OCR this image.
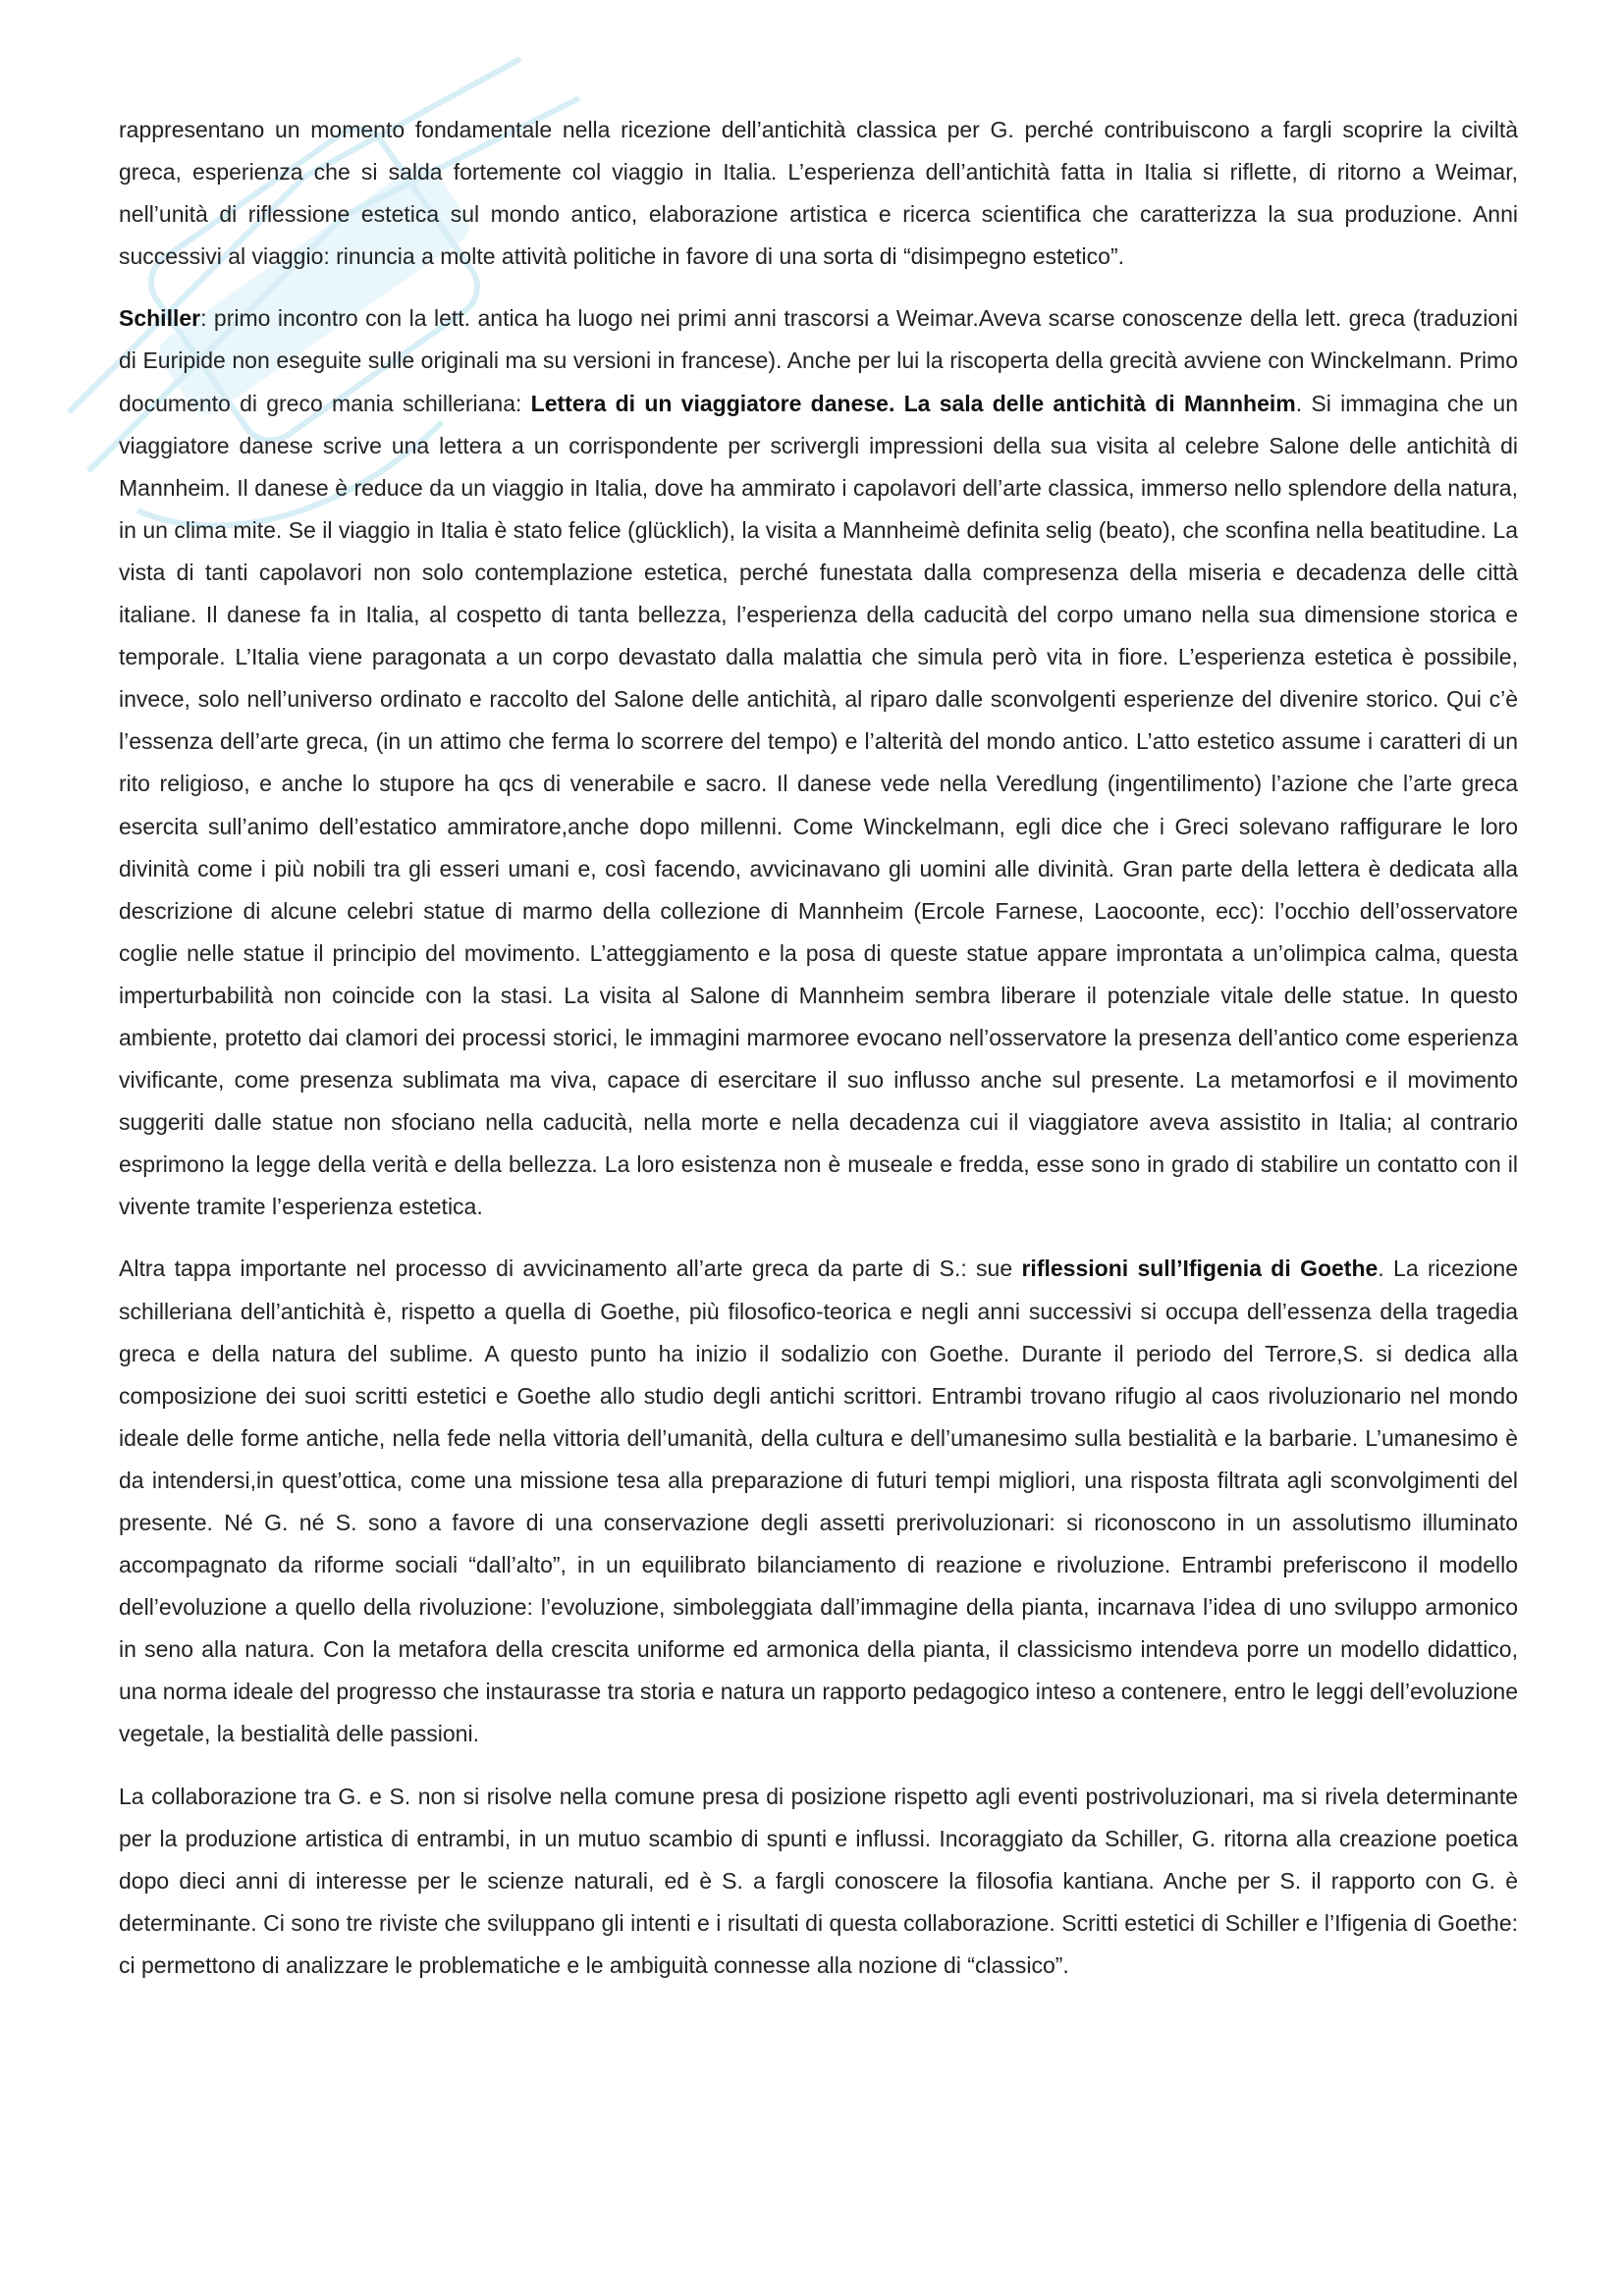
rappresentano un momento fondamentale nella ricezione dell’antichità classica per G. perché contribuiscono a fargli scoprire la civiltà greca, esperienza che si salda fortemente col viaggio in Italia. L’esperienza dell’antichità fatta in Italia si riflette, di ritorno a Weimar, nell’unità di riflessione estetica sul mondo antico, elaborazione artistica e ricerca scientifica che caratterizza la sua produzione. Anni successivi al viaggio: rinuncia a molte attività politiche in favore di una sorta di “disimpegno estetico”.

Schiller: primo incontro con la lett. antica ha luogo nei primi anni trascorsi a Weimar.Aveva scarse conoscenze della lett. greca (traduzioni di Euripide non eseguite sulle originali ma su versioni in francese). Anche per lui la riscoperta della grecità avviene con Winckelmann. Primo documento di greco mania schilleriana: Lettera di un viaggiatore danese. La sala delle antichità di Mannheim. Si immagina che un viaggiatore danese scrive una lettera a un corrispondente per scrivergli impressioni della sua visita al celebre Salone delle antichità di Mannheim. Il danese è reduce da un viaggio in Italia, dove ha ammirato i capolavori dell’arte classica, immerso nello splendore della natura, in un clima mite. Se il viaggio in Italia è stato felice (glücklich), la visita a Mannheimè definita selig (beato), che sconfina nella beatitudine. La vista di tanti capolavori non solo contemplazione estetica, perché funestata dalla compresenza della miseria e decadenza delle città italiane. Il danese fa in Italia, al cospetto di tanta bellezza, l’esperienza della caducità del corpo umano nella sua dimensione storica e temporale. L’Italia viene paragonata a un corpo devastato dalla malattia che simula però vita in fiore. L’esperienza estetica è possibile, invece, solo nell’universo ordinato e raccolto del Salone delle antichità, al riparo dalle sconvolgenti esperienze del divenire storico. Qui c’è l’essenza dell’arte greca, (in un attimo che ferma lo scorrere del tempo) e l’alterità del mondo antico. L’atto estetico assume i caratteri di un rito religioso, e anche lo stupore ha qcs di venerabile e sacro. Il danese vede nella Veredlung (ingentilimento) l’azione che l’arte greca esercita sull’animo dell’estatico ammiratore,anche dopo millenni. Come Winckelmann, egli dice che i Greci solevano raffigurare le loro divinità come i più nobili tra gli esseri umani e, così facendo, avvicinavano gli uomini alle divinità. Gran parte della lettera è dedicata alla descrizione di alcune celebri statue di marmo della collezione di Mannheim (Ercole Farnese, Laocoonte, ecc): l’occhio dell’osservatore coglie nelle statue il principio del movimento. L’atteggiamento e la posa di queste statue appare improntata a un’olimpica calma, questa imperturbabilità non coincide con la stasi. La visita al Salone di Mannheim sembra liberare il potenziale vitale delle statue. In questo ambiente, protetto dai clamori dei processi storici, le immagini marmoree evocano nell’osservatore la presenza dell’antico come esperienza vivificante, come presenza sublimata ma viva, capace di esercitare il suo influsso anche sul presente. La metamorfosi e il movimento suggeriti dalle statue non sfociano nella caducità, nella morte e nella decadenza cui il viaggiatore aveva assistito in Italia; al contrario esprimono la legge della verità e della bellezza. La loro esistenza non è museale e fredda, esse sono in grado di stabilire un contatto con il vivente tramite l’esperienza estetica.

Altra tappa importante nel processo di avvicinamento all’arte greca da parte di S.: sue riflessioni sull’Ifigenia di Goethe. La ricezione schilleriana dell’antichità è, rispetto a quella di Goethe, più filosofico-teorica e negli anni successivi si occupa dell’essenza della tragedia greca e della natura del sublime. A questo punto ha inizio il sodalizio con Goethe. Durante il periodo del Terrore,S. si dedica alla composizione dei suoi scritti estetici e Goethe allo studio degli antichi scrittori. Entrambi trovano rifugio al caos rivoluzionario nel mondo ideale delle forme antiche, nella fede nella vittoria dell’umanità, della cultura e dell’umanesimo sulla bestialità e la barbarie. L’umanesimo è da intendersi,in quest’ottica, come una missione tesa alla preparazione di futuri tempi migliori, una risposta filtrata agli sconvolgimenti del presente. Né G. né S. sono a favore di una conservazione degli assetti prerivoluzionari: si riconoscono in un assolutismo illuminato accompagnato da riforme sociali “dall’alto”, in un equilibrato bilanciamento di reazione e rivoluzione. Entrambi preferiscono il modello dell’evoluzione a quello della rivoluzione: l’evoluzione, simboleggiata dall’immagine della pianta, incarnava l’idea di uno sviluppo armonico in seno alla natura. Con la metafora della crescita uniforme ed armonica della pianta, il classicismo intendeva porre un modello didattico, una norma ideale del progresso che instaurasse tra storia e natura un rapporto pedagogico inteso a contenere, entro le leggi dell’evoluzione vegetale, la bestialità delle passioni.

La collaborazione tra G. e S. non si risolve nella comune presa di posizione rispetto agli eventi postrivoluzionari, ma si rivela determinante per la produzione artistica di entrambi, in un mutuo scambio di spunti e influssi. Incoraggiato da Schiller, G. ritorna alla creazione poetica dopo dieci anni di interesse per le scienze naturali, ed è S. a fargli conoscere la filosofia kantiana. Anche per S. il rapporto con G. è determinante. Ci sono tre riviste che sviluppano gli intenti e i risultati di questa collaborazione. Scritti estetici di Schiller e l’Ifigenia di Goethe: ci permettono di analizzare le problematiche e le ambiguità connesse alla nozione di “classico”.
